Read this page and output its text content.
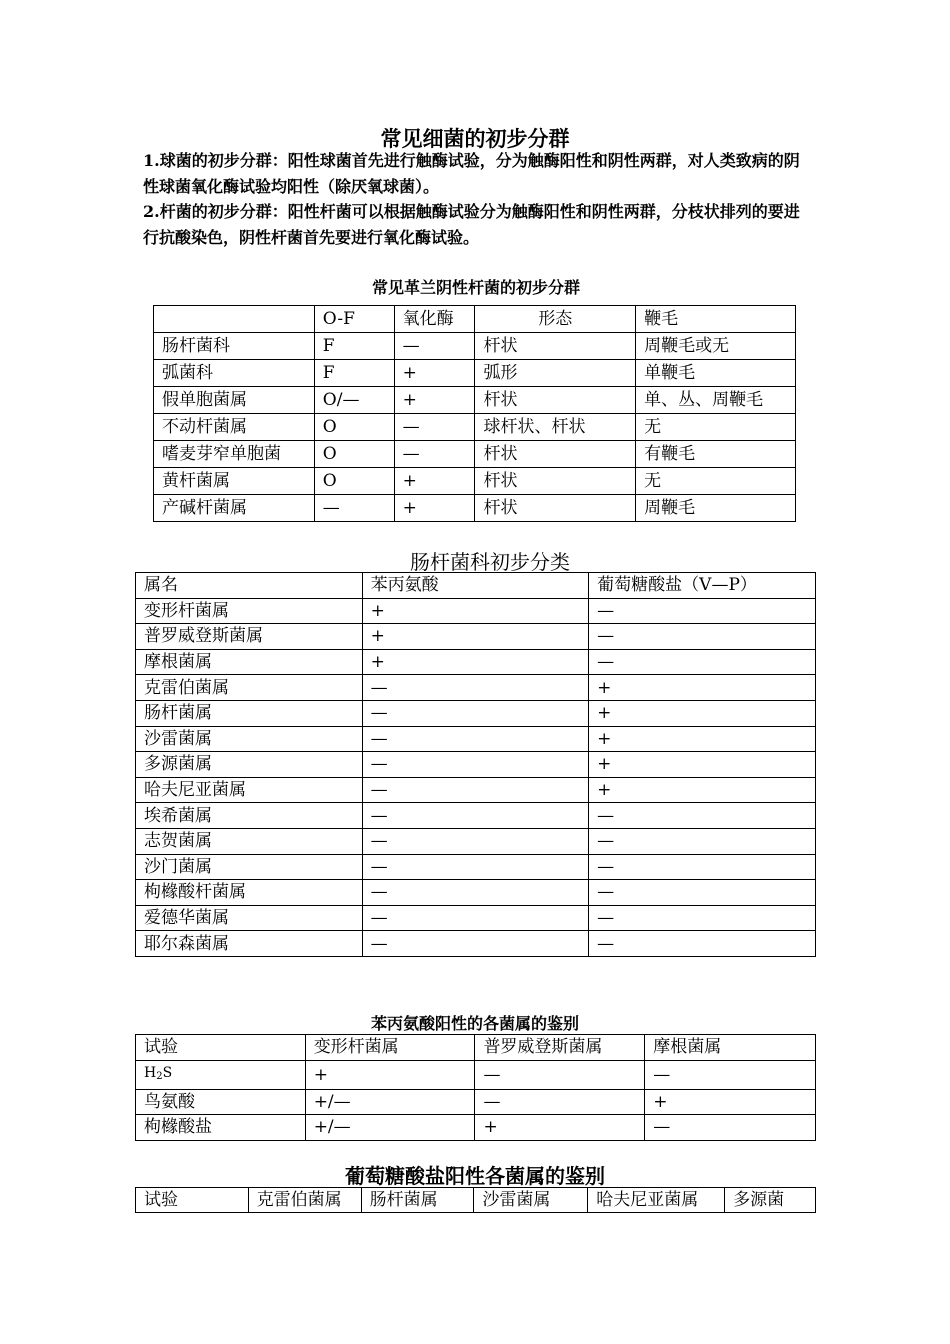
常见细菌的初步分群
1.球菌的初步分群：阳性球菌首先进行触酶试验，分为触酶阳性和阴性两群，对人类致病的阴性球菌氧化酶试验均阳性（除厌氧球菌）。
2.杆菌的初步分群：阳性杆菌可以根据触酶试验分为触酶阳性和阴性两群，分枝状排列的要进行抗酸染色，阴性杆菌首先要进行氧化酶试验。
常见革兰阴性杆菌的初步分群
	O-F	氧化酶	形态	鞭毛
肠杆菌科	F	—	杆状	周鞭毛或无
弧菌科	F	+	弧形	单鞭毛
假单胞菌属	O/—	+	杆状	单、丛、周鞭毛
不动杆菌属	O	—	球杆状、杆状	无
嗜麦芽窄单胞菌	O	—	杆状	有鞭毛
黄杆菌属	O	+	杆状	无
产碱杆菌属	—	+	杆状	周鞭毛
肠杆菌科初步分类
属名	苯丙氨酸	葡萄糖酸盐（V—P）
变形杆菌属	+	—
普罗威登斯菌属	+	—
摩根菌属	+	—
克雷伯菌属	—	+
肠杆菌属	—	+
沙雷菌属	—	+
多源菌属	—	+
哈夫尼亚菌属	—	+
埃希菌属	—	—
志贺菌属	—	—
沙门菌属	—	—
枸橼酸杆菌属	—	—
爱德华菌属	—	—
耶尔森菌属	—	—
苯丙氨酸阳性的各菌属的鉴别
试验	变形杆菌属	普罗威登斯菌属	摩根菌属
$H_2S$	+	—	—
鸟氨酸	+/—	—	+
枸橼酸盐	+/—	+	—
葡萄糖酸盐阳性各菌属的鉴别
试验	克雷伯菌属	肠杆菌属	沙雷菌属	哈夫尼亚菌属	多源菌
